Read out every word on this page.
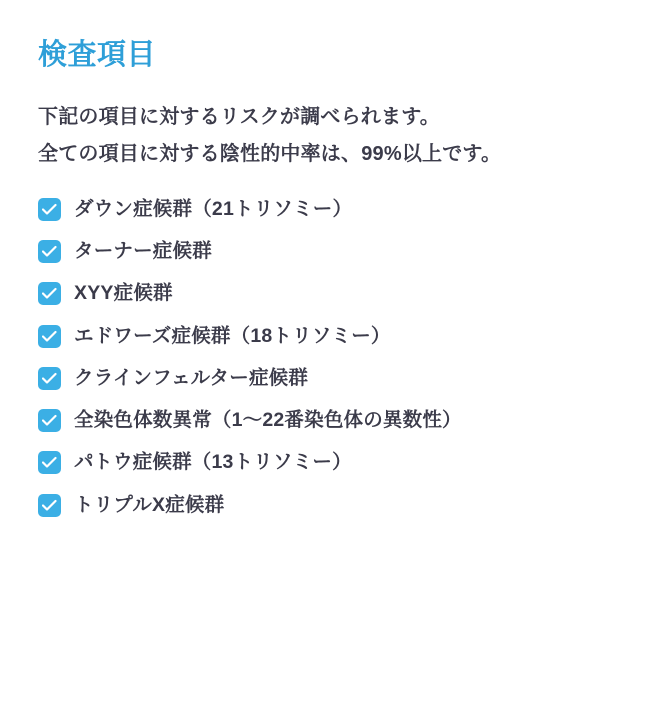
検査項目
下記の項目に対するリスクが調べられます。
全ての項目に対する陰性的中率は、99%以上です。
ダウン症候群（21トリソミー）
ターナー症候群
XYY症候群
エドワーズ症候群（18トリソミー）
クラインフェルター症候群
全染色体数異常（1〜22番染色体の異数性）
パトウ症候群（13トリソミー）
トリプルX症候群
